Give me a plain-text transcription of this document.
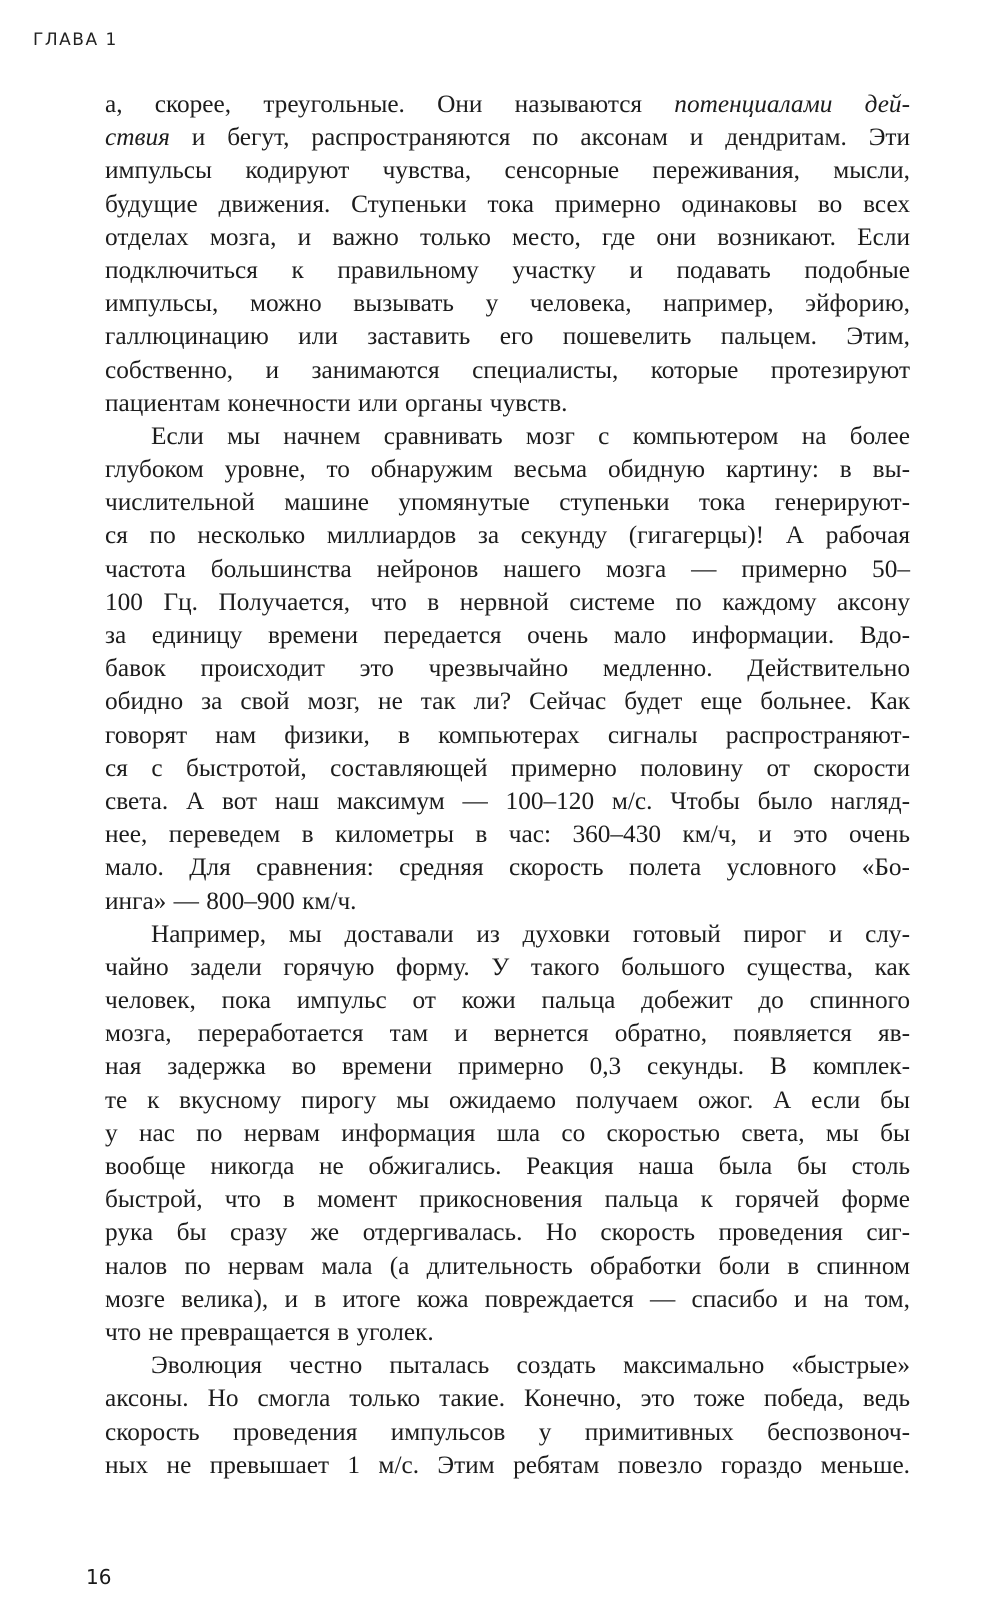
ГЛАВА 1
а, скорее, треугольные. Они называются потенциалами дей-
ствия и бегут, распространяются по аксонам и дендритам. Эти
импульсы кодируют чувства, сенсорные переживания, мысли,
будущие движения. Ступеньки тока примерно одинаковы во всех
отделах мозга, и важно только место, где они возникают. Если
подключиться к правильному участку и подавать подобные
импульсы, можно вызывать у человека, например, эйфорию,
галлюцинацию или заставить его пошевелить пальцем. Этим,
собственно, и занимаются специалисты, которые протезируют
пациентам конечности или органы чувств.
Если мы начнем сравнивать мозг с компьютером на более
глубоком уровне, то обнаружим весьма обидную картину: в вы-
числительной машине упомянутые ступеньки тока генерируют-
ся по несколько миллиардов за секунду (гигагерцы)! А рабочая
частота большинства нейронов нашего мозга — примерно 50–
100 Гц. Получается, что в нервной системе по каждому аксону
за единицу времени передается очень мало информации. Вдо-
бавок происходит это чрезвычайно медленно. Действительно
обидно за свой мозг, не так ли? Сейчас будет еще больнее. Как
говорят нам физики, в компьютерах сигналы распространяют-
ся с быстротой, составляющей примерно половину от скорости
света. А вот наш максимум — 100–120 м/с. Чтобы было нагляд-
нее, переведем в километры в час: 360–430 км/ч, и это очень
мало. Для сравнения: средняя скорость полета условного «Бо-
инга» — 800–900 км/ч.
Например, мы доставали из духовки готовый пирог и слу-
чайно задели горячую форму. У такого большого существа, как
человек, пока импульс от кожи пальца добежит до спинного
мозга, переработается там и вернется обратно, появляется яв-
ная задержка во времени примерно 0,3 секунды. В комплек-
те к вкусному пирогу мы ожидаемо получаем ожог. А если бы
у нас по нервам информация шла со скоростью света, мы бы
вообще никогда не обжигались. Реакция наша была бы столь
быстрой, что в момент прикосновения пальца к горячей форме
рука бы сразу же отдергивалась. Но скорость проведения сиг-
налов по нервам мала (а длительность обработки боли в спинном
мозге велика), и в итоге кожа повреждается — спасибо и на том,
что не превращается в уголек.
Эволюция честно пыталась создать максимально «быстрые»
аксоны. Но смогла только такие. Конечно, это тоже победа, ведь
скорость проведения импульсов у примитивных беспозвоноч-
ных не превышает 1 м/с. Этим ребятам повезло гораздо меньше.
16
